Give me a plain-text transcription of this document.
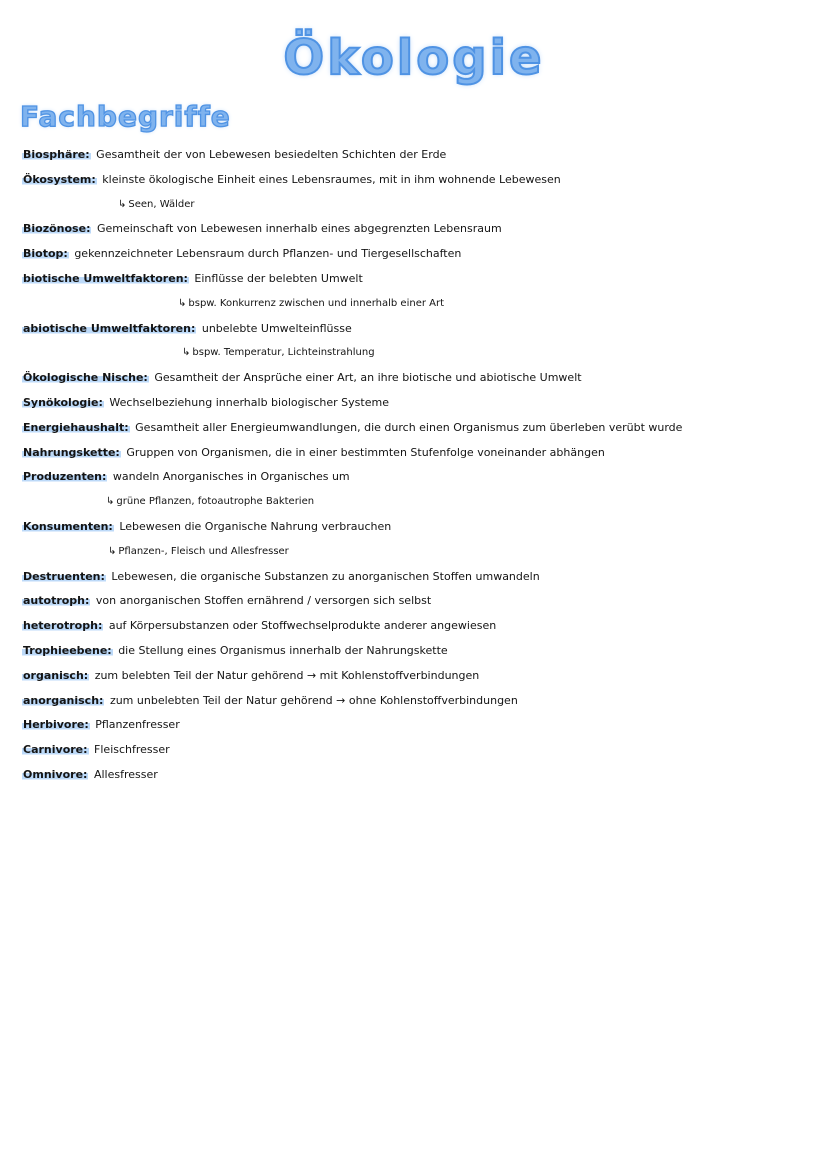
Ökologie
Fachbegriffe
Biosphäre: Gesamtheit der von Lebewesen besiedelten Schichten der Erde
Ökosystem: kleinste ökologische Einheit eines Lebensraumes, mit in ihm wohnende Lebewesen
↳ Seen, Wälder
Biozönose: Gemeinschaft von Lebewesen innerhalb eines abgegrenzten Lebensraum
Biotop: gekennzeichneter Lebensraum durch Pflanzen- und Tiergesellschaften
biotische Umweltfaktoren: Einflüsse der belebten Umwelt
↳ bspw. Konkurrenz zwischen und innerhalb einer Art
abiotische Umweltfaktoren: unbelebte Umwelteinflüsse
↳ bspw. Temperatur, Lichteinstrahlung
Ökologische Nische: Gesamtheit der Ansprüche einer Art, an ihre biotische und abiotische Umwelt
Synökologie: Wechselbeziehung innerhalb biologischer Systeme
Energiehaushalt: Gesamtheit aller Energieumwandlungen, die durch einen Organismus zum überleben verübt wurde
Nahrungskette: Gruppen von Organismen, die in einer bestimmten Stufenfolge voneinander abhängen
Produzenten: wandeln Anorganisches in Organisches um
↳ grüne Pflanzen, fotoautrophe Bakterien
Konsumenten: Lebewesen die Organische Nahrung verbrauchen
↳ Pflanzen-, Fleisch und Allesfresser
Destruenten: Lebewesen, die organische Substanzen zu anorganischen Stoffen umwandeln
autotroph: von anorganischen Stoffen ernährend / versorgen sich selbst
heterotroph: auf Körpersubstanzen oder Stoffwechselprodukte anderer angewiesen
Trophieebene: die Stellung eines Organismus innerhalb der Nahrungskette
organisch: zum belebten Teil der Natur gehörend → mit Kohlenstoffverbindungen
anorganisch: zum unbelebten Teil der Natur gehörend → ohne Kohlenstoffverbindungen
Herbivore: Pflanzenfresser
Carnivore: Fleischfresser
Omnivore: Allesfresser
